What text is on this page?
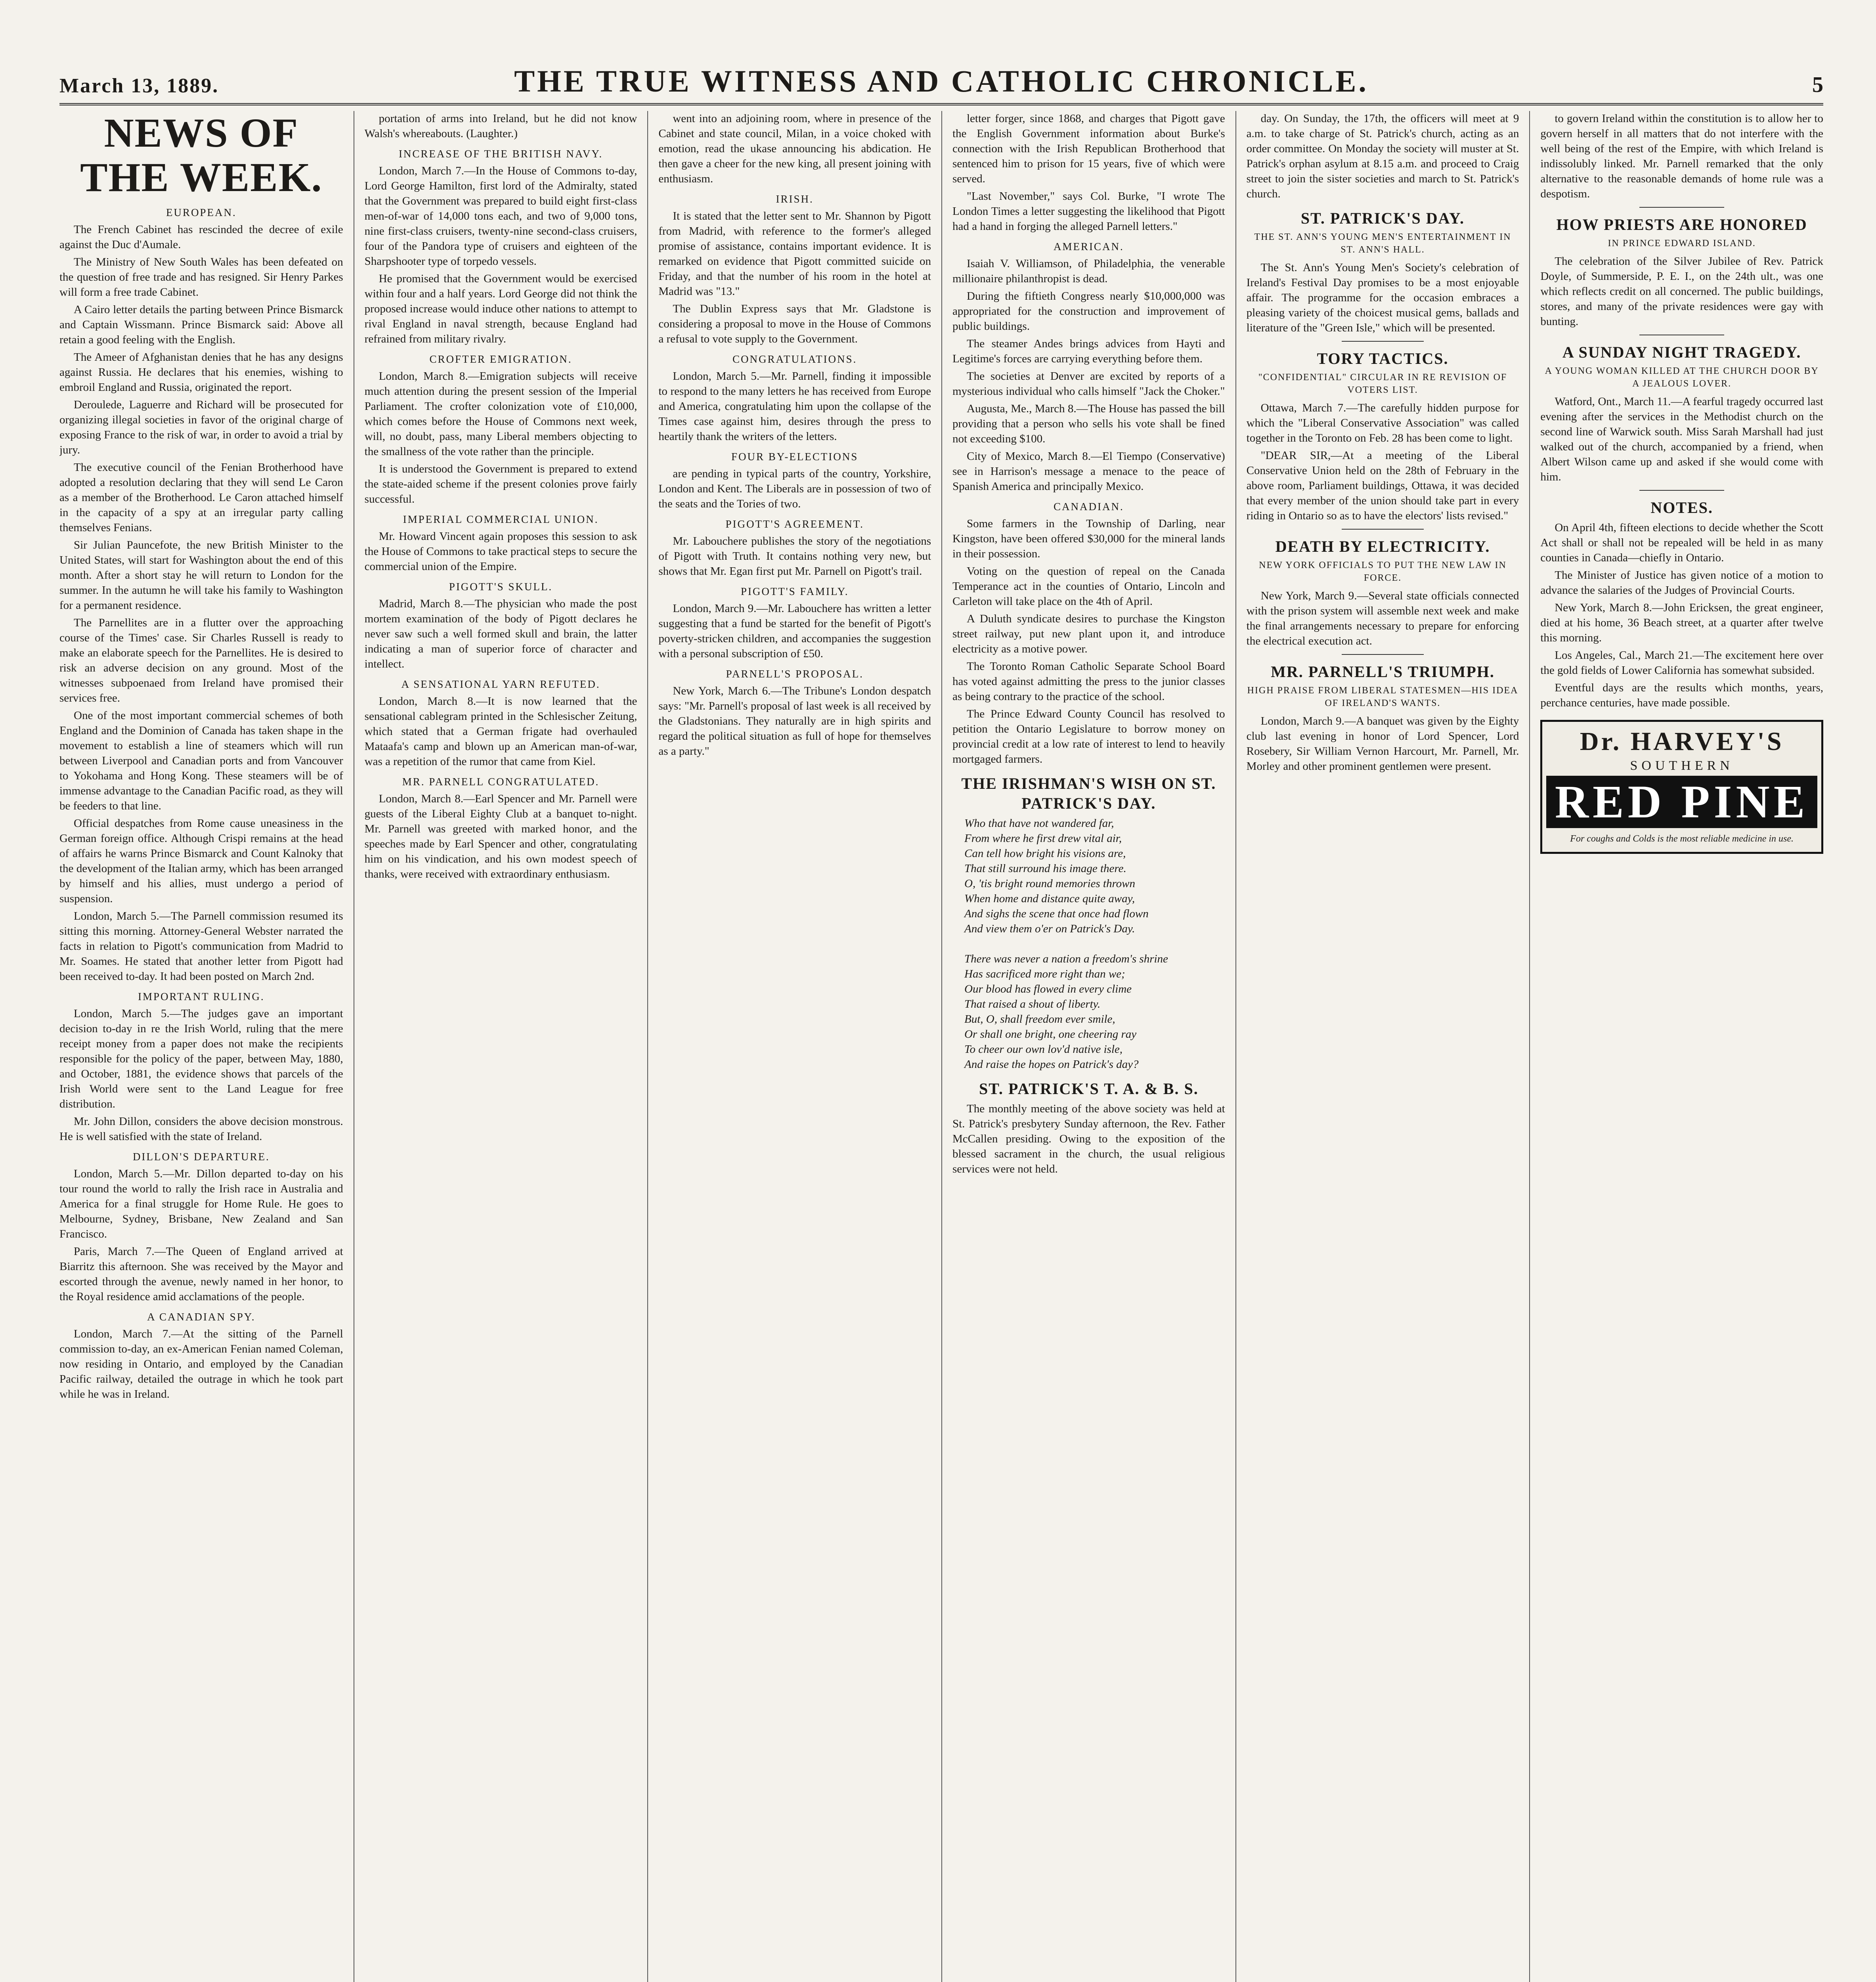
March 13, 1889.	THE TRUE WITNESS AND CATHOLIC CHRONICLE.	5
NEWS OF THE WEEK.
EUROPEAN.

The French Cabinet has rescinded the decree of exile against the Duc d'Aumale.

The Ministry of New South Wales has been defeated on the question of free trade and has resigned. Sir Henry Parkes will form a free trade Cabinet.

A Cairo letter details the parting between Prince Bismarck and Captain Wissmann. Prince Bismarck said: Above all retain a good feeling with the English.

The Ameer of Afghanistan denies that he has any designs against Russia. He declares that his enemies, wishing to embroil England and Russia, originated the report.

Deroulede, Laguerre and Richard will be prosecuted for organizing illegal societies in favor of the original charge of exposing France to the risk of war, in order to avoid a trial by jury.

The executive council of the Fenian Brotherhood have adopted a resolution declaring that they will send Le Caron as a member of the Brotherhood. Le Caron attached himself in the capacity of a spy at an irregular party calling themselves Fenians.

Sir Julian Pauncefote, the new British Minister to the United States, will start for Washington about the end of this month. After a short stay he will return to London for the summer. In the autumn he will take his family to Washington for a permanent residence.

The Parnellites are in a flutter over the approaching course of the Times' case. Sir Charles Russell is ready to make an elaborate speech for the Parnellites. He is desired to risk an adverse decision on any ground. Most of the witnesses subpoenaed from Ireland have promised their services free.

One of the most important commercial schemes of both England and the Dominion of Canada has taken shape in the movement to establish a line of steamers which will run between Liverpool and Canadian ports and from Vancouver to Yokohama and Hong Kong. These steamers will be of immense advantage to the Canadian Pacific road, as they will be feeders to that line.

Official despatches from Rome cause uneasiness in the German foreign office. Although Crispi remains at the head of affairs he warns Prince Bismarck and Count Kalnoky that the development of the Italian army, which has been arranged by himself and his allies, must undergo a period of suspension.

London, March 5.—The Parnell commission resumed its sitting this morning. Attorney-General Webster narrated the facts in relation to Pigott's communication from Madrid to Mr. Soames. He stated that another letter from Pigott had been received to-day. It had been posted on March 2nd.

IMPORTANT RULING.

London, March 5.—The judges gave an important decision to-day in re the Irish World, ruling that the mere receipt money from a paper does not make the recipients responsible for the policy of the paper, between May, 1880, and October, 1881, the evidence shows that parcels of the Irish World were sent to the Land League for free distribution.

Mr. John Dillon, considers the above decision monstrous. He is well satisfied with the state of Ireland.

DILLON'S DEPARTURE.

London, March 5.—Mr. Dillon departed to-day on his tour round the world to rally the Irish race in Australia and America for a final struggle for Home Rule. He goes to Melbourne, Sydney, Brisbane, New Zealand and San Francisco.

Paris, March 7.—The Queen of England arrived at Biarritz this afternoon. She was received by the Mayor and escorted through the avenue, newly named in her honor, to the Royal residence amid acclamations of the people.

A CANADIAN SPY.

London, March 7.—At the sitting of the Parnell commission to-day, an ex-American Fenian named Coleman, now residing in Ontario, and employed by the Canadian Pacific railway, detailed the outrage in which he took part while he was in Ireland.

portation of arms into Ireland, but he did not know Walsh's whereabouts. (Laughter.)

INCREASE OF THE BRITISH NAVY.

London, March 7.—In the House of Commons to-day, Lord George Hamilton, first lord of the Admiralty, stated that the Government was prepared to build eight first-class men-of-war of 14,000 tons each, and two of 9,000 tons, nine first-class cruisers, twenty-nine second-class cruisers, four of the Pandora type of cruisers and eighteen of the Sharpshooter type of torpedo vessels.

He promised that the Government would be exercised within four and a half years. Lord George did not think the proposed increase would induce other nations to attempt to rival England in naval strength, because England had refrained from military rivalry.

CROFTER EMIGRATION.

London, March 8.—Emigration subjects will receive much attention during the present session of the Imperial Parliament. The crofter colonization vote of £10,000, which comes before the House of Commons next week, will, no doubt, pass, many Liberal members objecting to the smallness of the vote rather than the principle.

It is understood the Government is prepared to extend the state-aided scheme if the present colonies prove fairly successful.

IMPERIAL COMMERCIAL UNION.

Mr. Howard Vincent again proposes this session to ask the House of Commons to take practical steps to secure the commercial union of the Empire.

PIGOTT'S SKULL.

Madrid, March 8.—The physician who made the post mortem examination of the body of Pigott declares he never saw such a well formed skull and brain, the latter indicating a man of superior force of character and intellect.

A SENSATIONAL YARN REFUTED.

London, March 8.—It is now learned that the sensational cablegram printed in the Schlesischer Zeitung, which stated that a German frigate had overhauled Mataafa's camp and blown up an American man-of-war, was a repetition of the rumor that came from Kiel.

MR. PARNELL CONGRATULATED.

London, March 8.—Earl Spencer and Mr. Parnell were guests of the Liberal Eighty Club at a banquet to-night. Mr. Parnell was greeted with marked honor, and the speeches made by Earl Spencer and other, congratulating him on his vindication, and his own modest speech of thanks, were received with extraordinary enthusiasm.

went into an adjoining room, where in presence of the Cabinet and state council, Milan, in a voice choked with emotion, read the ukase announcing his abdication. He then gave a cheer for the new king, all present joining with enthusiasm.

IRISH.

It is stated that the letter sent to Mr. Shannon by Pigott from Madrid, with reference to the former's alleged promise of assistance, contains important evidence. It is remarked on evidence that Pigott committed suicide on Friday, and that the number of his room in the hotel at Madrid was "13."

The Dublin Express says that Mr. Gladstone is considering a proposal to move in the House of Commons a refusal to vote supply to the Government.

CONGRATULATIONS.

London, March 5.—Mr. Parnell, finding it impossible to respond to the many letters he has received from Europe and America, congratulating him upon the collapse of the Times case against him, desires through the press to heartily thank the writers of the letters.

FOUR BY-ELECTIONS

are pending in typical parts of the country, Yorkshire, London and Kent. The Liberals are in possession of two of the seats and the Tories of two.

PIGOTT'S AGREEMENT.

Mr. Labouchere publishes the story of the negotiations of Pigott with Truth. It contains nothing very new, but shows that Mr. Egan first put Mr. Parnell on Pigott's trail.

PIGOTT'S FAMILY.

London, March 9.—Mr. Labouchere has written a letter suggesting that a fund be started for the benefit of Pigott's poverty-stricken children, and accompanies the suggestion with a personal subscription of £50.

PARNELL'S PROPOSAL.

New York, March 6.—The Tribune's London despatch says: "Mr. Parnell's proposal of last week is all received by the Gladstonians. They naturally are in high spirits and regard the political situation as full of hope for themselves as a party."

letter forger, since 1868, and charges that Pigott gave the English Government information about Burke's connection with the Irish Republican Brotherhood that sentenced him to prison for 15 years, five of which were served.

"Last November," says Col. Burke, "I wrote The London Times a letter suggesting the likelihood that Pigott had a hand in forging the alleged Parnell letters."

AMERICAN.

Isaiah V. Williamson, of Philadelphia, the venerable millionaire philanthropist is dead.

During the fiftieth Congress nearly $10,000,000 was appropriated for the construction and improvement of public buildings.

The steamer Andes brings advices from Hayti and Legitime's forces are carrying everything before them.

The societies at Denver are excited by reports of a mysterious individual who calls himself "Jack the Choker."

Augusta, Me., March 8.—The House has passed the bill providing that a person who sells his vote shall be fined not exceeding $100.

City of Mexico, March 8.—El Tiempo (Conservative) see in Harrison's message a menace to the peace of Spanish America and principally Mexico.

CANADIAN.

Some farmers in the Township of Darling, near Kingston, have been offered $30,000 for the mineral lands in their possession.

Voting on the question of repeal on the Canada Temperance act in the counties of Ontario, Lincoln and Carleton will take place on the 4th of April.

A Duluth syndicate desires to purchase the Kingston street railway, put new plant upon it, and introduce electricity as a motive power.

The Toronto Roman Catholic Separate School Board has voted against admitting the press to the junior classes as being contrary to the practice of the school.

The Prince Edward County Council has resolved to petition the Ontario Legislature to borrow money on provincial credit at a low rate of interest to lend to heavily mortgaged farmers.

THE IRISHMAN'S WISH ON ST. PATRICK'S DAY.
Who that have not wandered far,
From where he first drew vital air,
Can tell how bright his visions are,
That still surround his image there.
O, 'tis bright round memories thrown
When home and distance quite away,
And sighs the scene that once had flown
And view them o'er on Patrick's Day.

There was never a nation a freedom's shrine
Has sacrificed more right than we;
Our blood has flowed in every clime
That raised a shout of liberty.
But, O, shall freedom ever smile,
Or shall one bright, one cheering ray
To cheer our own lov'd native isle,
And raise the hopes on Patrick's day?
ST. PATRICK'S T. A. & B. S.

The monthly meeting of the above society was held at St. Patrick's presbytery Sunday afternoon, the Rev. Father McCallen presiding. Owing to the exposition of the blessed sacrament in the church, the usual religious services were not held.

day. On Sunday, the 17th, the officers will meet at 9 a.m. to take charge of St. Patrick's church, acting as an order committee. On Monday the society will muster at St. Patrick's orphan asylum at 8.15 a.m. and proceed to Craig street to join the sister societies and march to St. Patrick's church.

ST. PATRICK'S DAY.
THE ST. ANN'S YOUNG MEN'S ENTERTAINMENT IN ST. ANN'S HALL.

The St. Ann's Young Men's Society's celebration of Ireland's Festival Day promises to be a most enjoyable affair. The programme for the occasion embraces a pleasing variety of the choicest musical gems, ballads and literature of the "Green Isle," which will be presented.

TORY TACTICS.
"CONFIDENTIAL" CIRCULAR IN RE REVISION OF VOTERS LIST.

Ottawa, March 7.—The carefully hidden purpose for which the "Liberal Conservative Association" was called together in the Toronto on Feb. 28 has been come to light.

"DEAR SIR,—At a meeting of the Liberal Conservative Union held on the 28th of February in the above room, Parliament buildings, Ottawa, it was decided that every member of the union should take part in every riding in Ontario so as to have the electors' lists revised."

DEATH BY ELECTRICITY.
NEW YORK OFFICIALS TO PUT THE NEW LAW IN FORCE.

New York, March 9.—Several state officials connected with the prison system will assemble next week and make the final arrangements necessary to prepare for enforcing the electrical execution act.

MR. PARNELL'S TRIUMPH.
HIGH PRAISE FROM LIBERAL STATESMEN—HIS IDEA OF IRELAND'S WANTS.

London, March 9.—A banquet was given by the Eighty club last evening in honor of Lord Spencer, Lord Rosebery, Sir William Vernon Harcourt, Mr. Parnell, Mr. Morley and other prominent gentlemen were present.

to govern Ireland within the constitution is to allow her to govern herself in all matters that do not interfere with the well being of the rest of the Empire, with which Ireland is indissolubly linked. Mr. Parnell remarked that the only alternative to the reasonable demands of home rule was a despotism.

HOW PRIESTS ARE HONORED
IN PRINCE EDWARD ISLAND.

The celebration of the Silver Jubilee of Rev. Patrick Doyle, of Summerside, P. E. I., on the 24th ult., was one which reflects credit on all concerned. The public buildings, stores, and many of the private residences were gay with bunting.

A SUNDAY NIGHT TRAGEDY.
A YOUNG WOMAN KILLED AT THE CHURCH DOOR BY A JEALOUS LOVER.

Watford, Ont., March 11.—A fearful tragedy occurred last evening after the services in the Methodist church on the second line of Warwick south. Miss Sarah Marshall had just walked out of the church, accompanied by a friend, when Albert Wilson came up and asked if she would come with him.

NOTES.

On April 4th, fifteen elections to decide whether the Scott Act shall or shall not be repealed will be held in as many counties in Canada—chiefly in Ontario.

The Minister of Justice has given notice of a motion to advance the salaries of the Judges of Provincial Courts.

New York, March 8.—John Ericksen, the great engineer, died at his home, 36 Beach street, at a quarter after twelve this morning.

Los Angeles, Cal., March 21.—The excitement here over the gold fields of Lower California has somewhat subsided.

Eventful days are the results which months, years, perchance centuries, have made possible.

Dr. HARVEY'S
SOUTHERN
RED PINE
For coughs and Colds is the most reliable medicine in use.
